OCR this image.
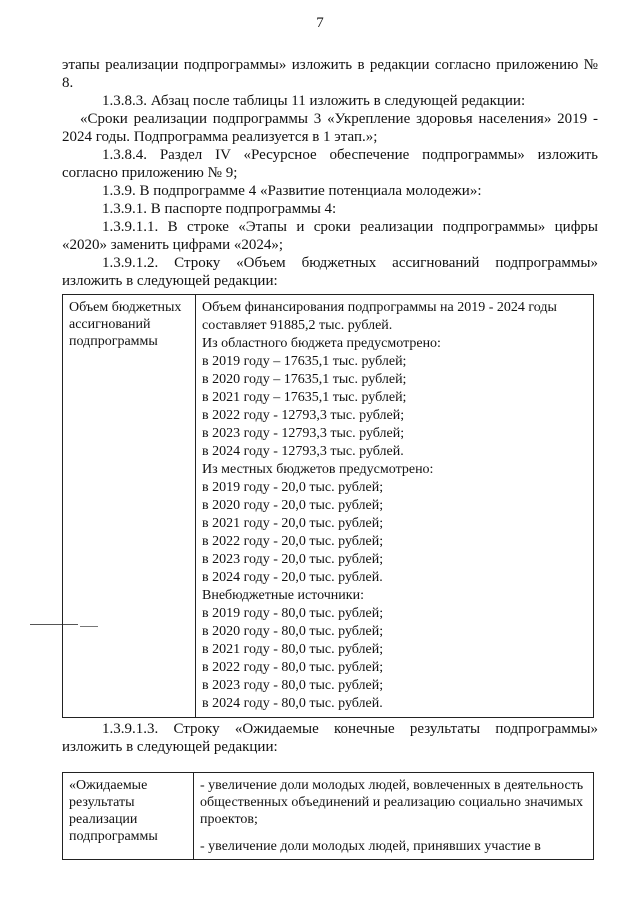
7

этапы реализации подпрограммы» изложить в редакции согласно приложению № 8.

1.3.8.3. Абзац после таблицы 11 изложить в следующей редакции:

«Сроки реализации подпрограммы 3 «Укрепление здоровья населения» 2019 - 2024 годы. Подпрограмма реализуется в 1 этап.»;

1.3.8.4. Раздел IV «Ресурсное обеспечение подпрограммы» изложить согласно приложению № 9;

1.3.9. В подпрограмме 4 «Развитие потенциала молодежи»:

1.3.9.1. В паспорте подпрограммы 4:

1.3.9.1.1. В строке «Этапы и сроки реализации подпрограммы» цифры «2020» заменить цифрами «2024»;

1.3.9.1.2. Строку «Объем бюджетных ассигнований подпрограммы» изложить в следующей редакции:

Объем бюджетных ассигнований подпрограммы	
Объем финансирования подпрограммы на 2019 - 2024 годы составляет 91885,2 тыс. рублей.
Из областного бюджета предусмотрено:
в 2019 году – 17635,1 тыс. рублей;
в 2020 году – 17635,1 тыс. рублей;
в 2021 году – 17635,1 тыс. рублей;
в 2022 году - 12793,3 тыс. рублей;
в 2023 году - 12793,3 тыс. рублей;
в 2024 году - 12793,3 тыс. рублей.
Из местных бюджетов предусмотрено:
в 2019 году - 20,0 тыс. рублей;
в 2020 году - 20,0 тыс. рублей;
в 2021 году - 20,0 тыс. рублей;
в 2022 году - 20,0 тыс. рублей;
в 2023 году - 20,0 тыс. рублей;
в 2024 году - 20,0 тыс. рублей.
Внебюджетные источники:
в 2019 году - 80,0 тыс. рублей;
в 2020 году - 80,0 тыс. рублей;
в 2021 году - 80,0 тыс. рублей;
в 2022 году - 80,0 тыс. рублей;
в 2023 году - 80,0 тыс. рублей;
в 2024 году - 80,0 тыс. рублей.

1.3.9.1.3. Строку «Ожидаемые конечные результаты подпрограммы» изложить в следующей редакции:

«Ожидаемые результаты реализации подпрограммы	
- увеличение доли молодых людей, вовлеченных в деятельность общественных объединений и реализацию социально значимых проектов;
- увеличение доли молодых людей, принявших участие в
